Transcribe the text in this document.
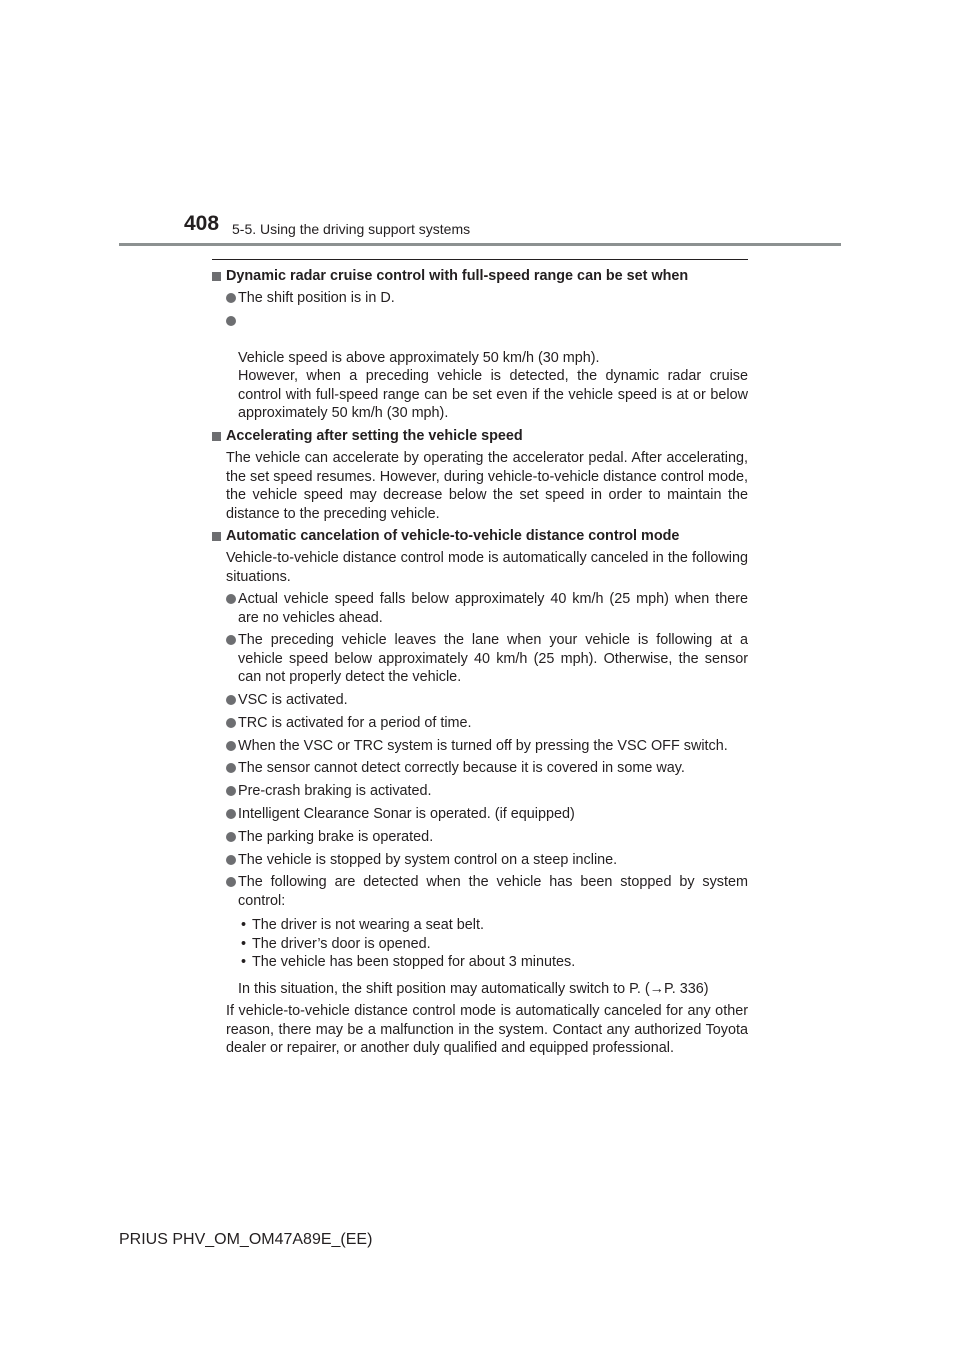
408 5-5. Using the driving support systems
Dynamic radar cruise control with full-speed range can be set when
The shift position is in D.

Vehicle speed is above approximately 50 km/h (30 mph).
However, when a preceding vehicle is detected, the dynamic radar cruise control with full-speed range can be set even if the vehicle speed is at or below approximately 50 km/h (30 mph).

Accelerating after setting the vehicle speed
The vehicle can accelerate by operating the accelerator pedal. After accelerating, the set speed resumes. However, during vehicle-to-vehicle distance control mode, the vehicle speed may decrease below the set speed in order to maintain the distance to the preceding vehicle.
Automatic cancelation of vehicle-to-vehicle distance control mode
Vehicle-to-vehicle distance control mode is automatically canceled in the following situations.
Actual vehicle speed falls below approximately 40 km/h (25 mph) when there are no vehicles ahead.
The preceding vehicle leaves the lane when your vehicle is following at a vehicle speed below approximately 40 km/h (25 mph). Otherwise, the sensor can not properly detect the vehicle.
VSC is activated.
TRC is activated for a period of time.
When the VSC or TRC system is turned off by pressing the VSC OFF switch.
The sensor cannot detect correctly because it is covered in some way.
Pre-crash braking is activated.
Intelligent Clearance Sonar is operated. (if equipped)
The parking brake is operated.
The vehicle is stopped by system control on a steep incline.
The following are detected when the vehicle has been stopped by system control:
• The driver is not wearing a seat belt.
• The driver’s door is opened.
• The vehicle has been stopped for about 3 minutes.
In this situation, the shift position may automatically switch to P. (→P. 336)
If vehicle-to-vehicle distance control mode is automatically canceled for any other reason, there may be a malfunction in the system. Contact any authorized Toyota dealer or repairer, or another duly qualified and equipped professional.
PRIUS PHV_OM_OM47A89E_(EE)
